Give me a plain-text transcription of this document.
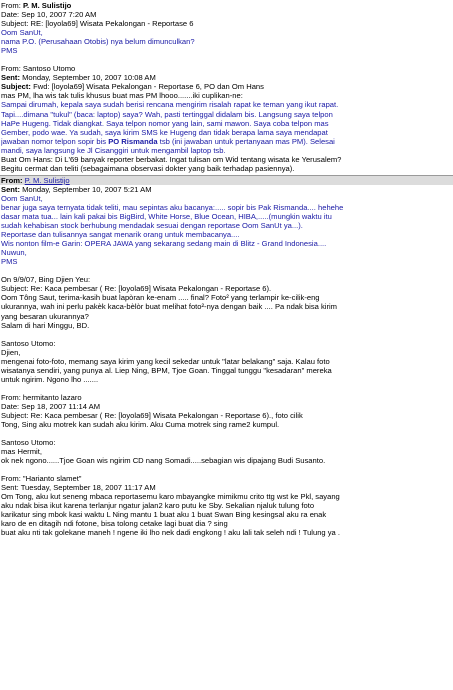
From: P. M. Sulistijo
Date: Sep 10, 2007 7:20 AM
Subject: RE: [loyola69] Wisata Pekalongan - Reportase 6
Oom SanUt,
nama P.O. (Perusahaan Otobis) nya belum dimunculkan?
PMS
From: Santoso Utomo
Sent: Monday, September 10, 2007 10:08 AM
Subject: Fwd: [loyola69] Wisata Pekalongan - Reportase 6, PO dan Om Hans
mas PM, lha wis tak tulis khusus buat mas PM lhooo.......iki cuplikan-ne:
Sampai dirumah, kepala saya sudah berisi rencana mengirim risalah rapat ke teman yang ikut rapat.
Tapi....dimana "tukul" (baca: laptop) saya? Wah, pasti tertinggal didalam bis. Langsung saya telpon
HaPe Hugeng. Tidak diangkat. Saya telpon nomor yang lain, sami mawon. Saya coba telpon mas
Gember, podo wae. Ya sudah, saya kirim SMS ke Hugeng dan tidak berapa lama saya mendapat
jawaban nomor telpon sopir bis PO Rismanda tsb (ini jawaban untuk pertanyaan mas PM). Selesai
mandi, saya langsung ke Jl Cisanggiri untuk mengambil laptop tsb.
Buat Om Hans: Di L'69 banyak reporter berbakat. Ingat tulisan om Wid tentang wisata ke Yerusalem?
Begitu cermat dan teliti (sebagaimana observasi dokter yang baik terhadap pasiennya).
From: P. M. Sulistijo
Sent: Monday, September 10, 2007 5:21 AM
Oom SanUt,
benar juga saya ternyata tidak teliti, mau sepintas aku bacanya:..... sopir bis Pak Rismanda.... hehehe
dasar mata tua... lain kali pakai bis BigBird, White Horse, Blue Ocean, HIBA,.....(mungkin waktu itu
sudah kehabisan stock berhubung mendadak sesuai dengan reportase Oom SanUt ya...).
Reportase dan tulisannya sangat menarik orang untuk membacanya....
Wis nonton film-e Garin: OPERA JAWA yang sekarang sedang main di Blitz - Grand Indonesia....
Nuwun,
PMS
On 9/9/07, Bing Djien Yeu:
Subject: Re: Kaca pembesar ( Re: [loyola69] Wisata Pekalongan - Reportase 6).
Oom Tông Saut, terima-kasih buat lapòran ke-enam ..... final? Foto² yang terlampir ke-cilik-eng
ukurannya, wah ini perlu pakèk kaca-bèlòr buat melihat foto²-nya dengan baik .... Pa ndak bisa kirim
yang besaran ukurannya?
Salam di hari Minggu, BD.
Santoso Utomo:
Djien,
mengenai foto-foto, memang saya kirim yang kecil sekedar untuk "latar belakang" saja. Kalau foto
wisatanya sendiri, yang punya al. Liep Ning, BPM, Tjoe Goan. Tinggal tunggu "kesadaran" mereka
untuk ngirim. Ngono lho .......
From: hermitanto lazaro
Date: Sep 18, 2007 11:14 AM
Subject: Re: Kaca pembesar ( Re: [loyola69] Wisata Pekalongan - Reportase 6)., foto cilik
Tong, Sing aku motrek kan sudah aku kirim. Aku Cuma motrek sing rame2 kumpul.
Santoso Utomo:
mas Hermit,
ok nek ngono......Tjoe Goan wis ngirim CD nang Somadi.....sebagian wis dipajang Budi Susanto.
From: "Harianto slamet"
Sent: Tuesday, September 18, 2007 11:17 AM
Om Tong, aku kut seneng mbaca reportasemu karo mbayangke mimikmu crito ttg wst ke Pkl, sayang
aku ndak bisa ikut karena terlanjur ngatur jalan2 karo putu ke Sby. Sekalian njaluk tulung foto
karikatur sing mbok kasi waktu L Ning mantu 1 buat aku 1 buat Swan Bing kesingsal aku ra enak
karo de en ditagih ndi fotone, bisa tolong cetake lagi buat dia ? sing
buat aku nti tak golekane maneh ! ngene iki lho nek dadi engkong ! aku lali tak seleh ndi ! Tulung ya .
